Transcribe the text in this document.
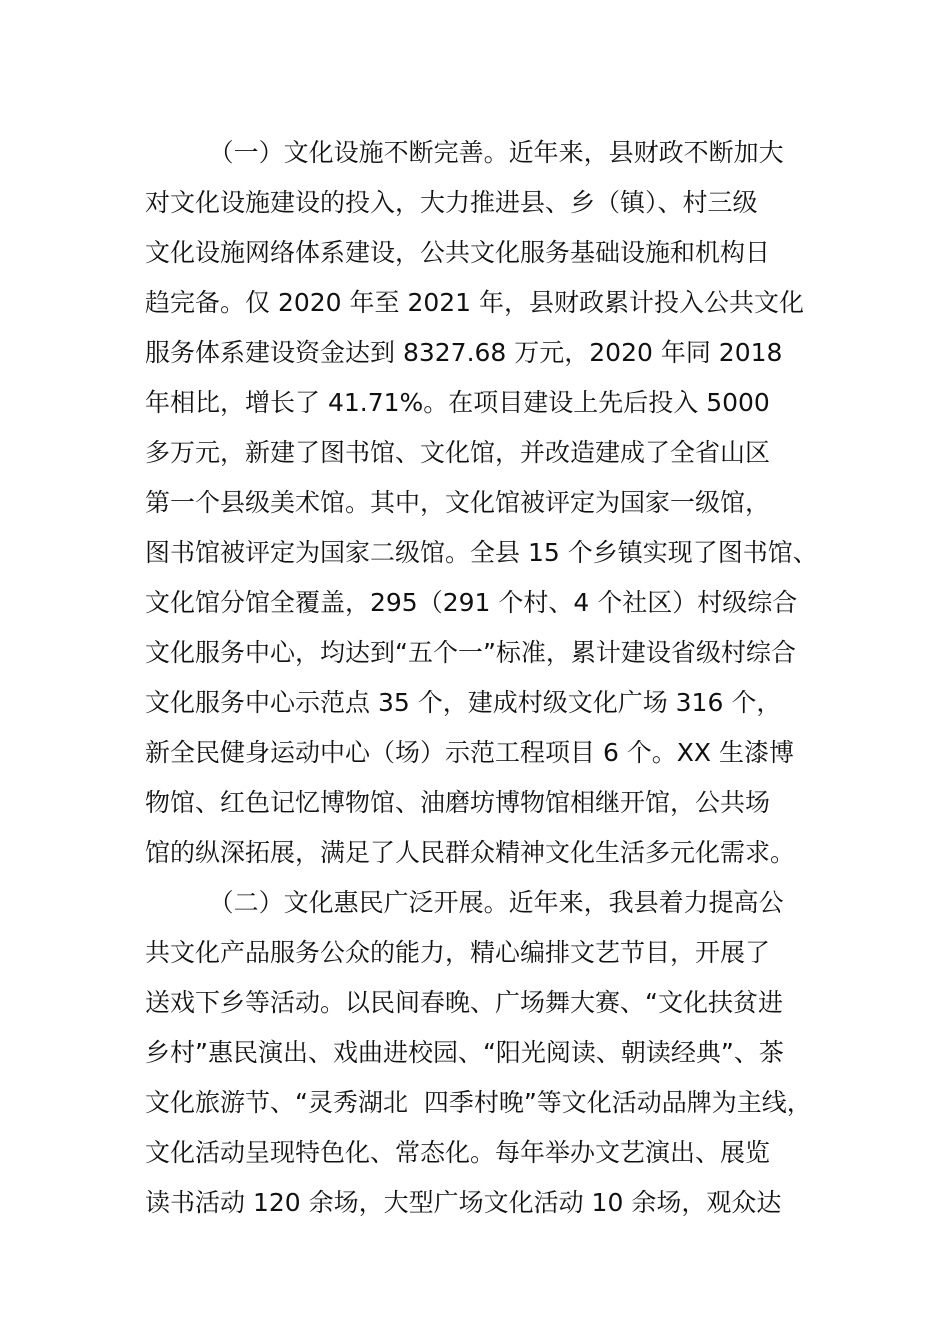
（一）文化设施不断完善。近年来，县财政不断加大
对文化设施建设的投入，大力推进县、乡（镇）、村三级
文化设施网络体系建设，公共文化服务基础设施和机构日
趋完备。仅 2020 年至 2021 年，县财政累计投入公共文化
服务体系建设资金达到 8327.68 万元，2020 年同 2018
年相比，增长了 41.71%。在项目建设上先后投入 5000
多万元，新建了图书馆、文化馆，并改造建成了全省山区
第一个县级美术馆。其中，文化馆被评定为国家一级馆，
图书馆被评定为国家二级馆。全县 15 个乡镇实现了图书馆、
文化馆分馆全覆盖，295（291 个村、4 个社区）村级综合
文化服务中心，均达到“五个一”标准，累计建设省级村综合
文化服务中心示范点 35 个，建成村级文化广场 316 个，
新全民健身运动中心（场）示范工程项目 6 个。XX 生漆博
物馆、红色记忆博物馆、油磨坊博物馆相继开馆，公共场
馆的纵深拓展，满足了人民群众精神文化生活多元化需求。
（二）文化惠民广泛开展。近年来，我县着力提高公
共文化产品服务公众的能力，精心编排文艺节目，开展了
送戏下乡等活动。以民间春晚、广场舞大赛、“文化扶贫进
乡村”惠民演出、戏曲进校园、“阳光阅读、朝读经典”、茶
文化旅游节、“灵秀湖北  四季村晚”等文化活动品牌为主线，
文化活动呈现特色化、常态化。每年举办文艺演出、展览
读书活动 120 余场，大型广场文化活动 10 余场，观众达
